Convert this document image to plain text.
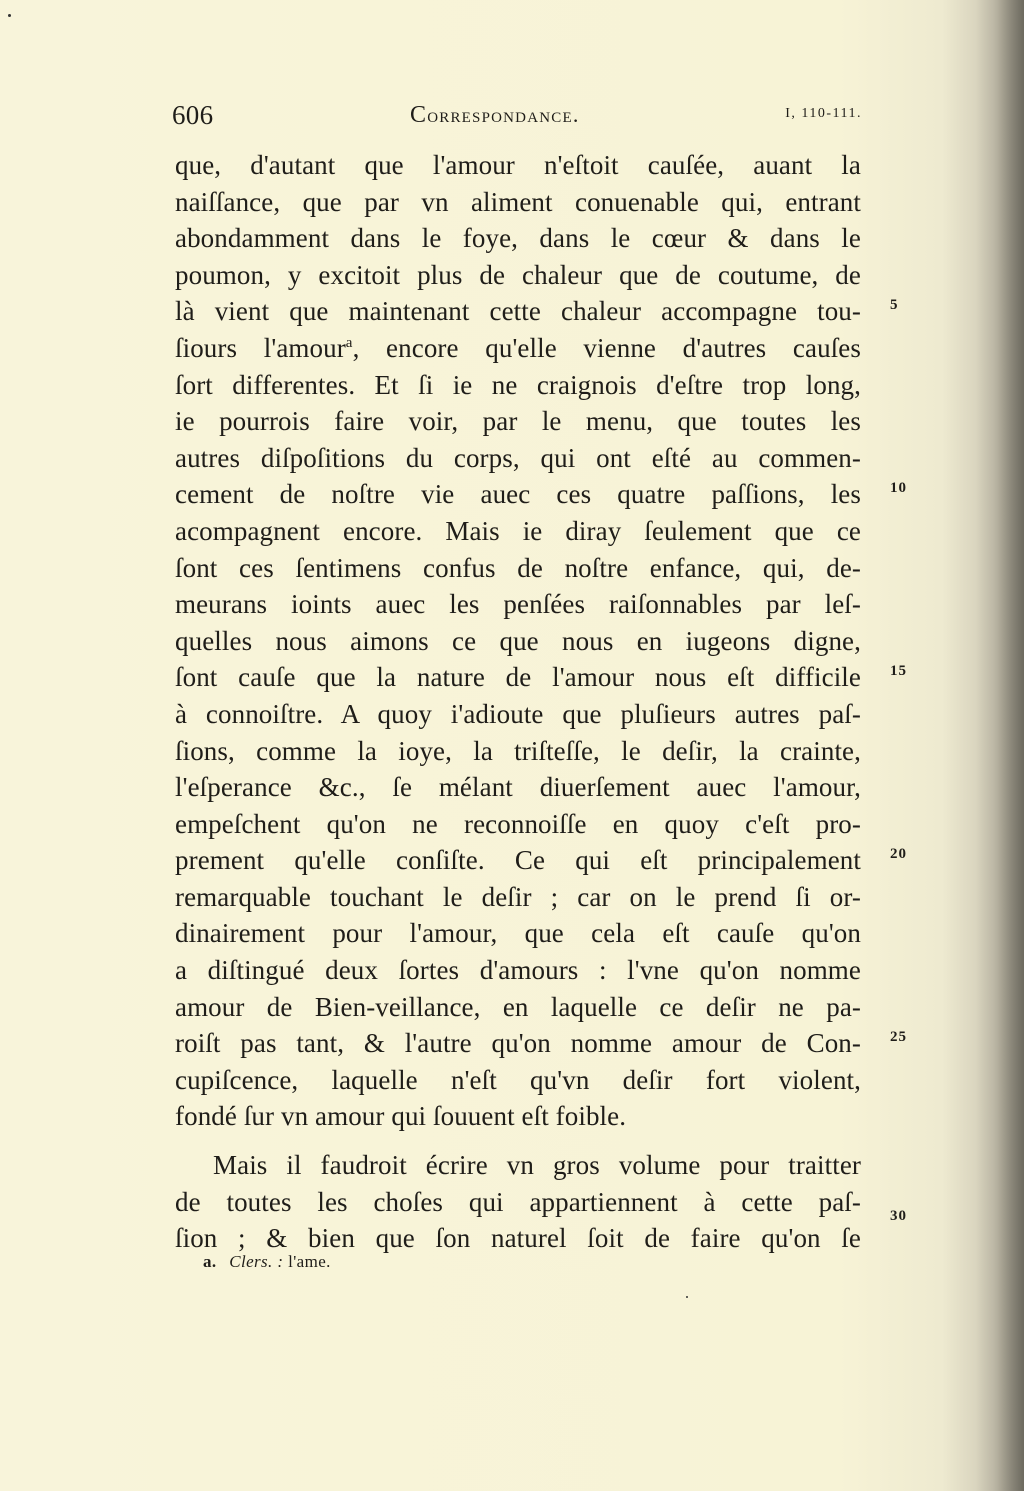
606	Correspondance.	I, 110-111.
que, d'autant que l'amour n'eſtoit cauſée, auant la
naiſſance, que par vn aliment conuenable qui, entrant
abondamment dans le foye, dans le cœur & dans le
poumon, y excitoit plus de chaleur que de coutume, de
là vient que maintenant cette chaleur accompagne tou-
ſiours l'amour$^a$, encore qu'elle vienne d'autres cauſes
ſort differentes. Et ſi ie ne craignois d'eſtre trop long,
ie pourrois faire voir, par le menu, que toutes les
autres diſpoſitions du corps, qui ont eſté au commen-
cement de noſtre vie auec ces quatre paſſions, les
acompagnent encore. Mais ie diray ſeulement que ce
ſont ces ſentimens confus de noſtre enfance, qui, de-
meurans ioints auec les penſées raiſonnables par leſ-
quelles nous aimons ce que nous en iugeons digne,
ſont cauſe que la nature de l'amour nous eſt difficile
à connoiſtre. A quoy i'adioute que pluſieurs autres paſ-
ſions, comme la ioye, la triſteſſe, le deſir, la crainte,
l'eſperance &c., ſe mélant diuerſement auec l'amour,
empeſchent qu'on ne reconnoiſſe en quoy c'eſt pro-
prement qu'elle conſiſte. Ce qui eſt principalement
remarquable touchant le deſir ; car on le prend ſi or-
dinairement pour l'amour, que cela eſt cauſe qu'on
a diſtingué deux ſortes d'amours : l'vne qu'on nomme
amour de Bien-veillance, en laquelle ce deſir ne pa-
roiſt pas tant, & l'autre qu'on nomme amour de Con-
cupiſcence, laquelle n'eſt qu'vn deſir fort violent,
fondé ſur vn amour qui ſouuent eſt foible.
Mais il faudroit écrire vn gros volume pour traitter
de toutes les choſes qui appartiennent à cette paſ-
ſion ; & bien que ſon naturel ſoit de faire qu'on ſe
5
10
15
20
25
30
a. Clers. : l'ame.
